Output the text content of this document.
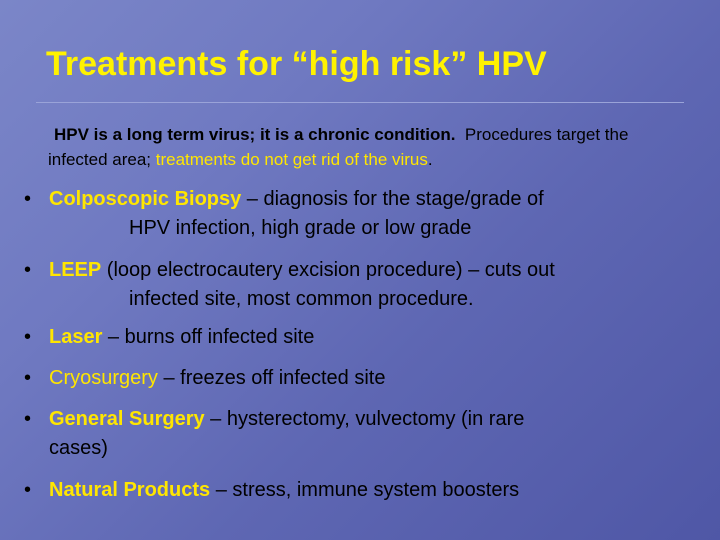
Treatments for “high risk” HPV

HPV is a long term virus; it is a chronic condition. Procedures target the infected area; treatments do not get rid of the virus.

• Colposcopic Biopsy – diagnosis for the stage/grade of
HPV infection, high grade or low grade
• LEEP (loop electrocautery excision procedure) – cuts out
infected site, most common procedure.
• Laser – burns off infected site
• Cryosurgery – freezes off infected site
• General Surgery – hysterectomy, vulvectomy (in rare
cases)
• Natural Products – stress, immune system boosters
